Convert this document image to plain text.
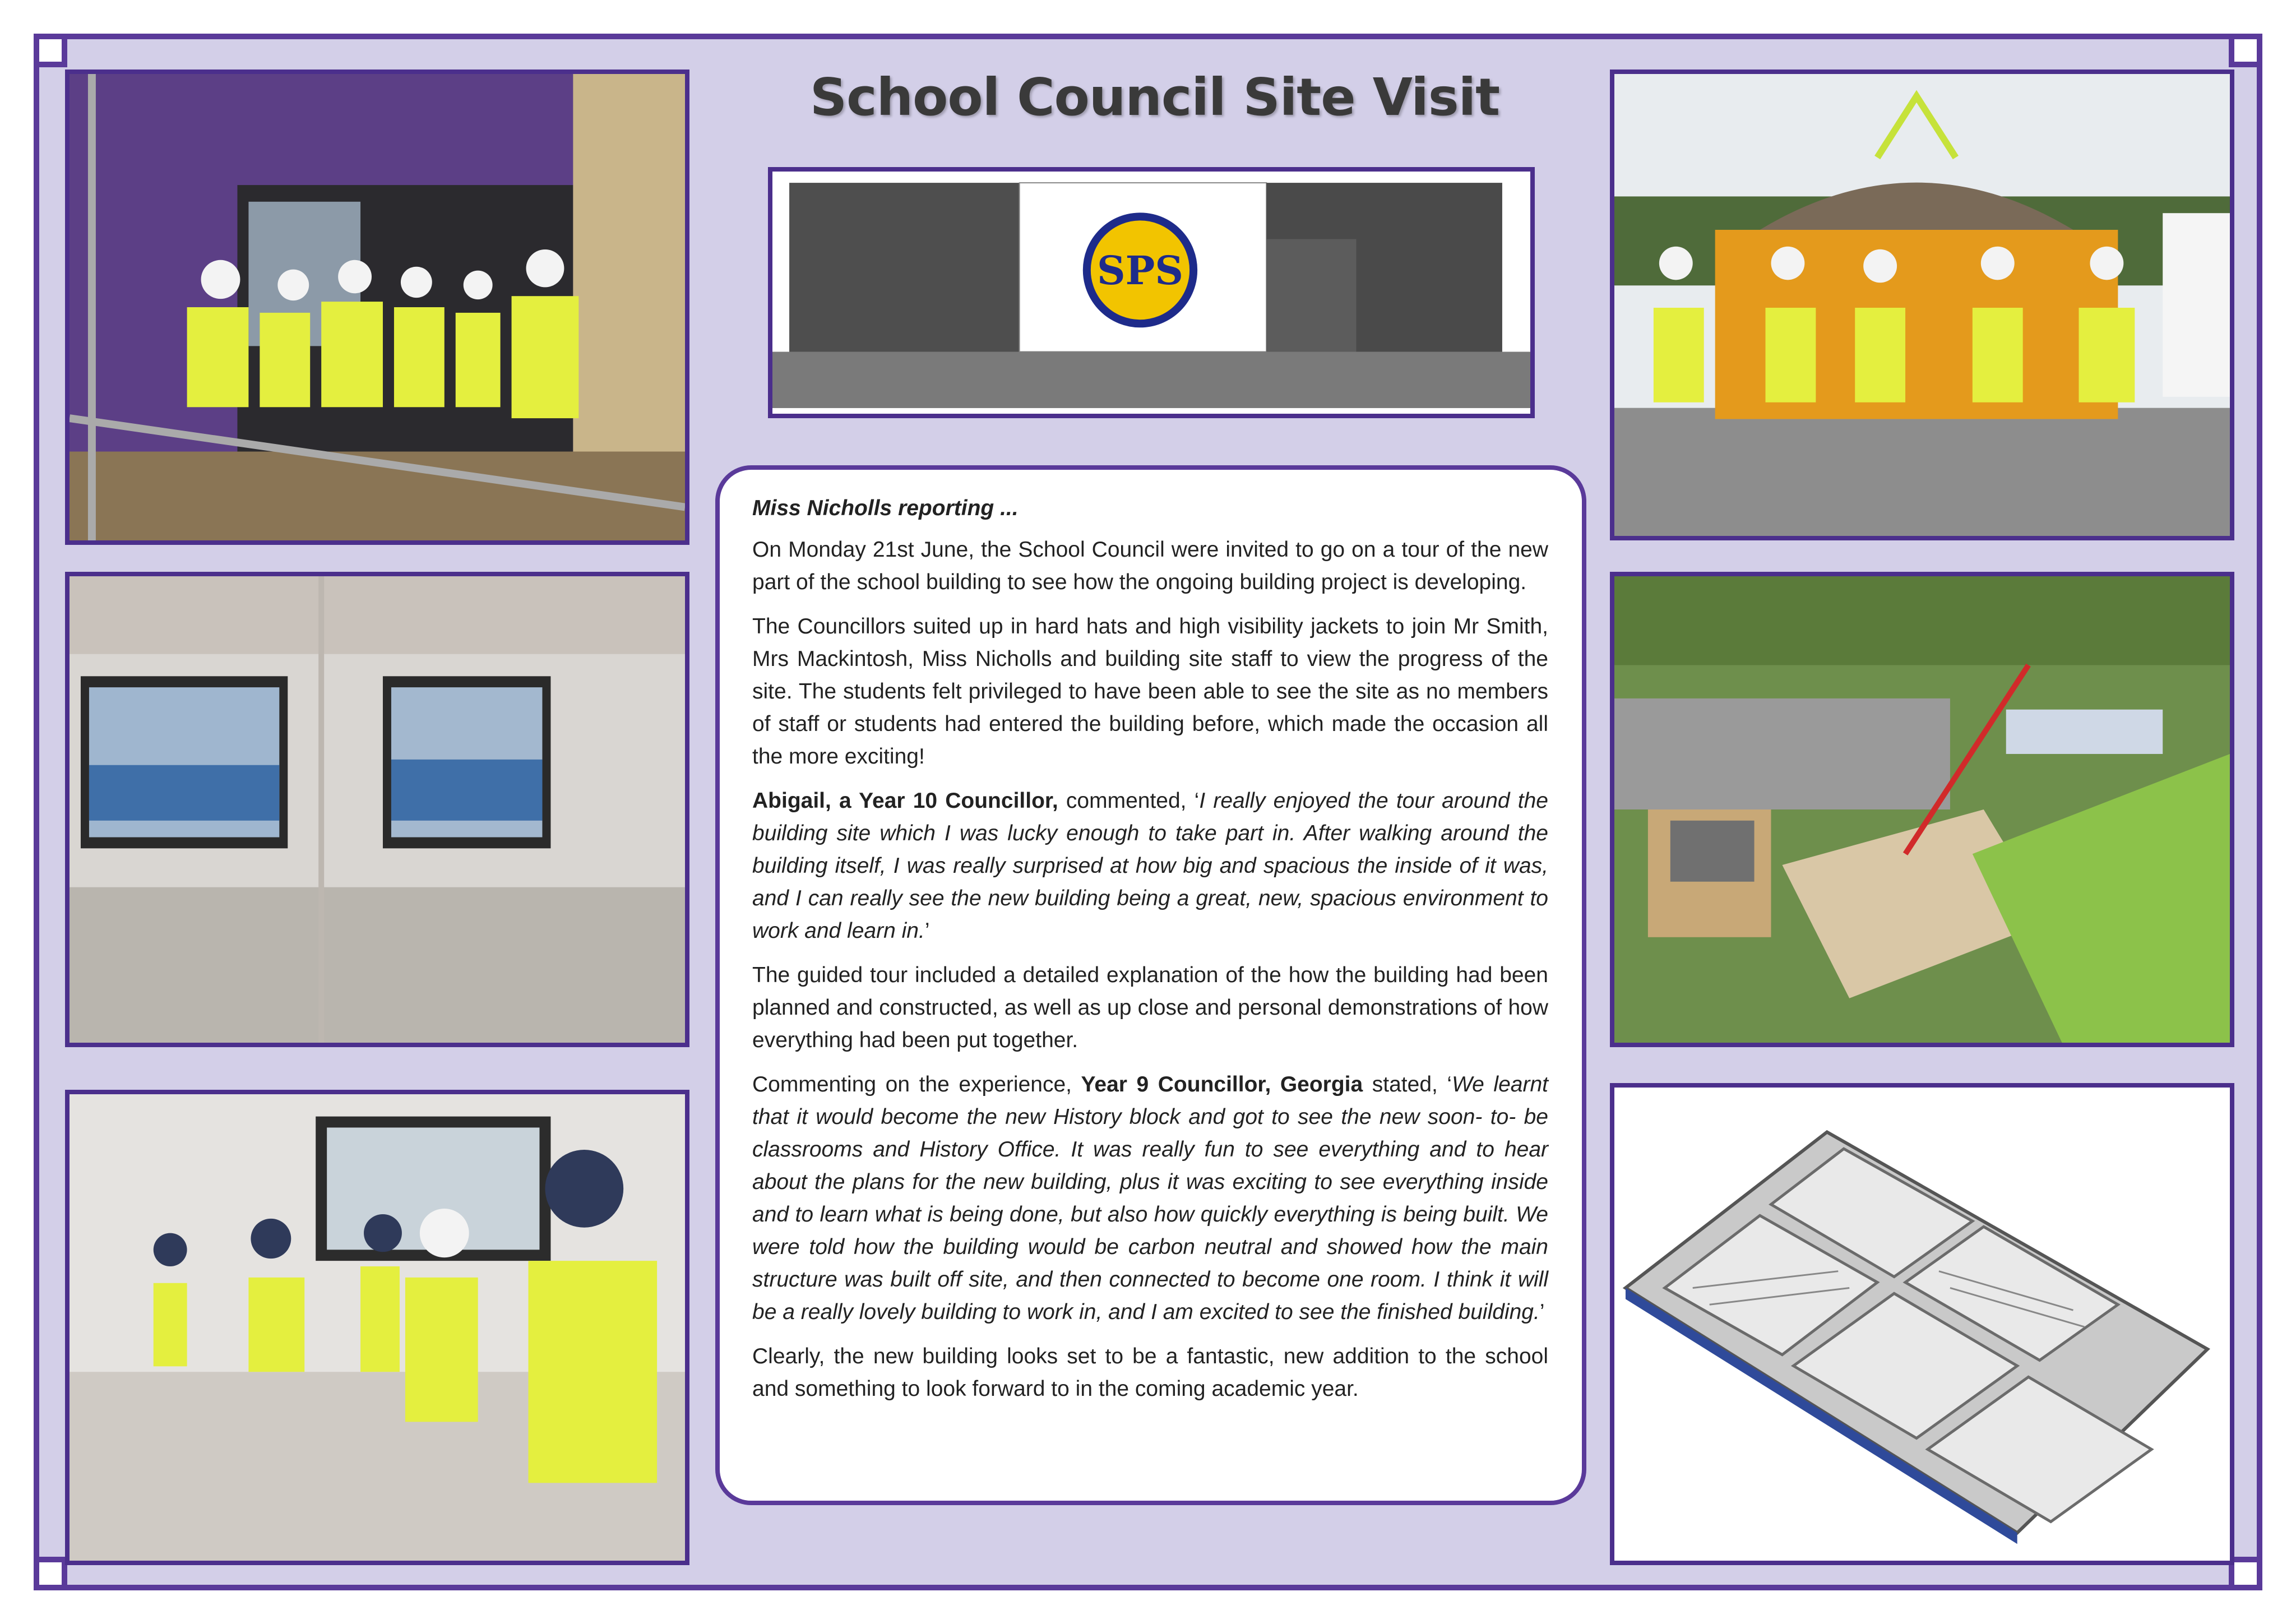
School Council Site Visit
SPS

Miss Nicholls reporting ...

On Monday 21st June, the School Council were invited to go on a tour of the new part of the school building to see how the ongoing building project is developing.

The Councillors suited up in hard hats and high visibility jackets to join Mr Smith, Mrs Mackintosh, Miss Nicholls and building site staff to view the progress of the site. The students felt privileged to have been able to see the site as no members of staff or students had entered the building before, which made the occasion all the more exciting!

Abigail, a Year 10 Councillor, commented, ‘I really enjoyed the tour around the building site which I was lucky enough to take part in. After walking around the building itself, I was really surprised at how big and spacious the inside of it was, and I can really see the new building being a great, new, spacious environment to work and learn in.’

The guided tour included a detailed explanation of the how the building had been planned and constructed, as well as up close and personal demonstrations of how everything had been put together.

Commenting on the experience, Year 9 Councillor, Georgia stated, ‘We learnt that it would become the new History block and got to see the new soon- to- be classrooms and History Office. It was really fun to see everything and to hear about the plans for the new building, plus it was exciting to see everything inside and to learn what is being done, but also how quickly everything is being built. We were told how the building would be carbon neutral and showed how the main structure was built off site, and then connected to become one room. I think it will be a really lovely building to work in, and I am excited to see the finished building.’

Clearly, the new building looks set to be a fantastic, new addition to the school and something to look forward to in the coming academic year.
